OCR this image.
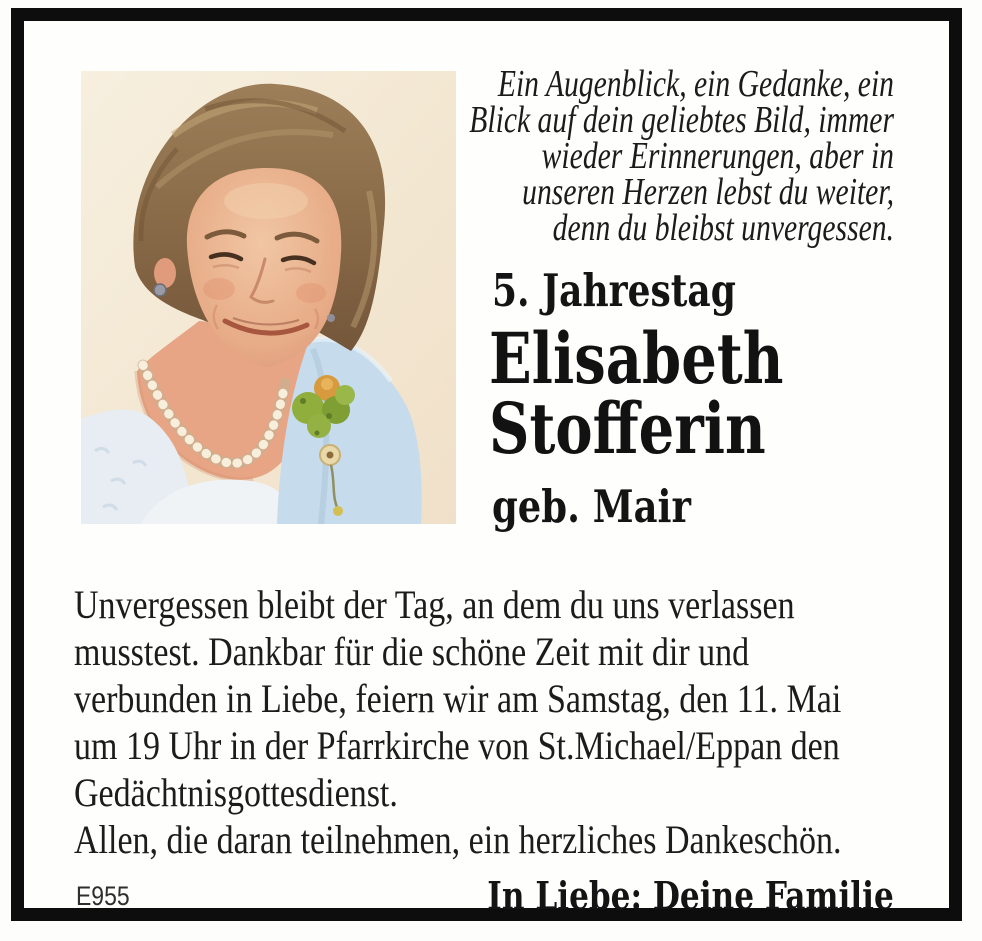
Ein Augenblick, ein Gedanke, ein
Blick auf dein geliebtes Bild, immer
wieder Erinnerungen, aber in
unseren Herzen lebst du weiter,
denn du bleibst unvergessen.
5. Jahrestag
Elisabeth
Stofferin
geb. Mair
Unvergessen bleibt der Tag, an dem du uns verlassen
musstest. Dankbar für die schöne Zeit mit dir und
verbunden in Liebe, feiern wir am Samstag, den 11. Mai
um 19 Uhr in der Pfarrkirche von St.Michael/Eppan den
Gedächtnisgottesdienst.
Allen, die daran teilnehmen, ein herzliches Dankeschön.
E955	In Liebe: Deine Familie
